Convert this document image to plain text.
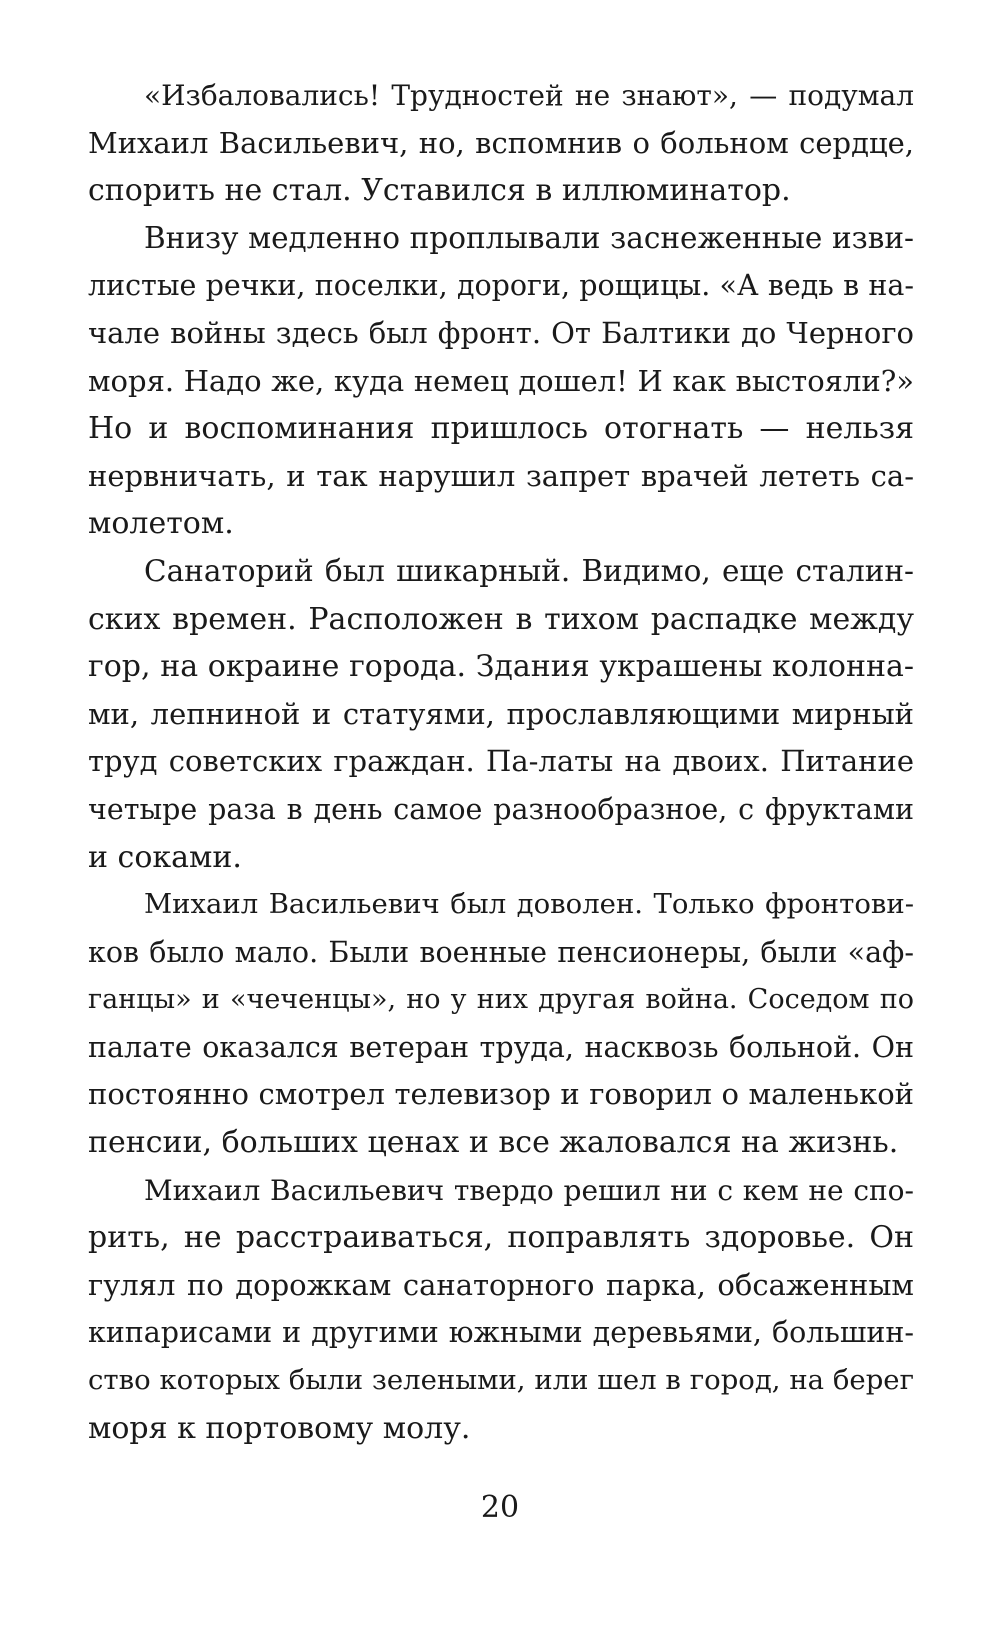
«Избаловались! Трудностей не знают», — подумал
Михаил Васильевич, но, вспомнив о больном сердце,
спорить не стал. Уставился в иллюминатор.
Внизу медленно проплывали заснеженные изви-
листые речки, поселки, дороги, рощицы. «А ведь в на-
чале войны здесь был фронт. От Балтики до Черного
моря. Надо же, куда немец дошел! И как выстояли?»
Но и воспоминания пришлось отогнать — нельзя
нервничать, и так нарушил запрет врачей лететь са-
молетом.
Санаторий был шикарный. Видимо, еще сталин-
ских времен. Расположен в тихом распадке между
гор, на окраине города. Здания украшены колонна-
ми, лепниной и статуями, прославляющими мирный
труд советских граждан. Па-латы на двоих. Питание
четыре раза в день самое разнообразное, с фруктами
и соками.
Михаил Васильевич был доволен. Только фронтови-
ков было мало. Были военные пенсионеры, были «аф-
ганцы» и «чеченцы», но у них другая война. Соседом по
палате оказался ветеран труда, насквозь больной. Он
постоянно смотрел телевизор и говорил о маленькой
пенсии, больших ценах и все жаловался на жизнь.
Михаил Васильевич твердо решил ни с кем не спо-
рить, не расстраиваться, поправлять здоровье. Он
гулял по дорожкам санаторного парка, обсаженным
кипарисами и другими южными деревьями, большин-
ство которых были зелеными, или шел в город, на берег
моря к портовому молу.
20
